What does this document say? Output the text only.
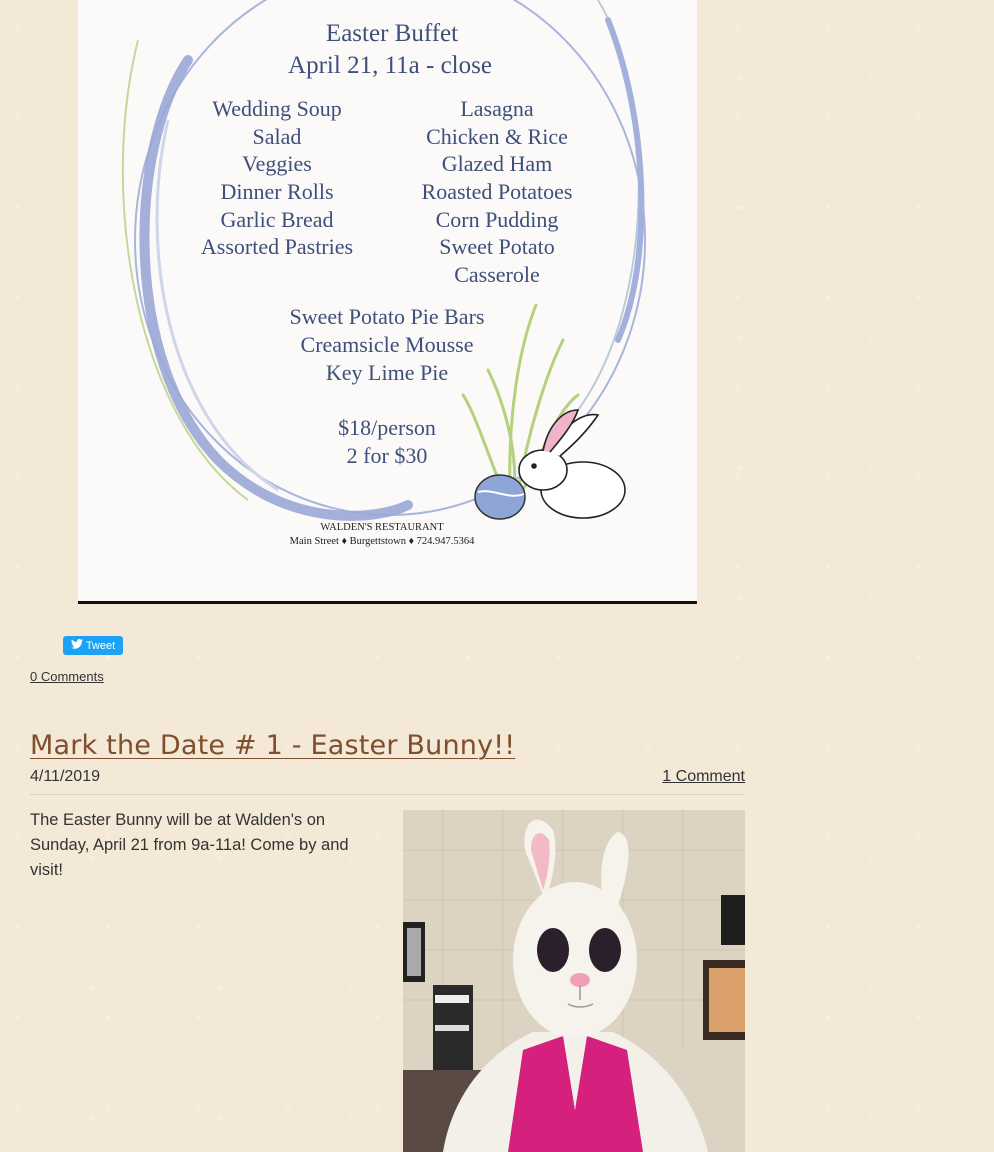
Easter Buffet
April 21, 11a - close
Wedding Soup
Salad
Veggies
Dinner Rolls
Garlic Bread
Assorted Pastries
Lasagna
Chicken & Rice
Glazed Ham
Roasted Potatoes
Corn Pudding
Sweet Potato
Casserole
Sweet Potato Pie Bars
Creamsicle Mousse
Key Lime Pie
$18/person
2 for $30
WALDEN'S RESTAURANT
Main Street ♦ Burgettstown ♦ 724.947.5364
Tweet
0 Comments
Mark the Date # 1 - Easter Bunny!!
4/11/2019	1 Comment
The Easter Bunny will be at Walden's on Sunday, April 21 from 9a-11a! Come by and visit!
